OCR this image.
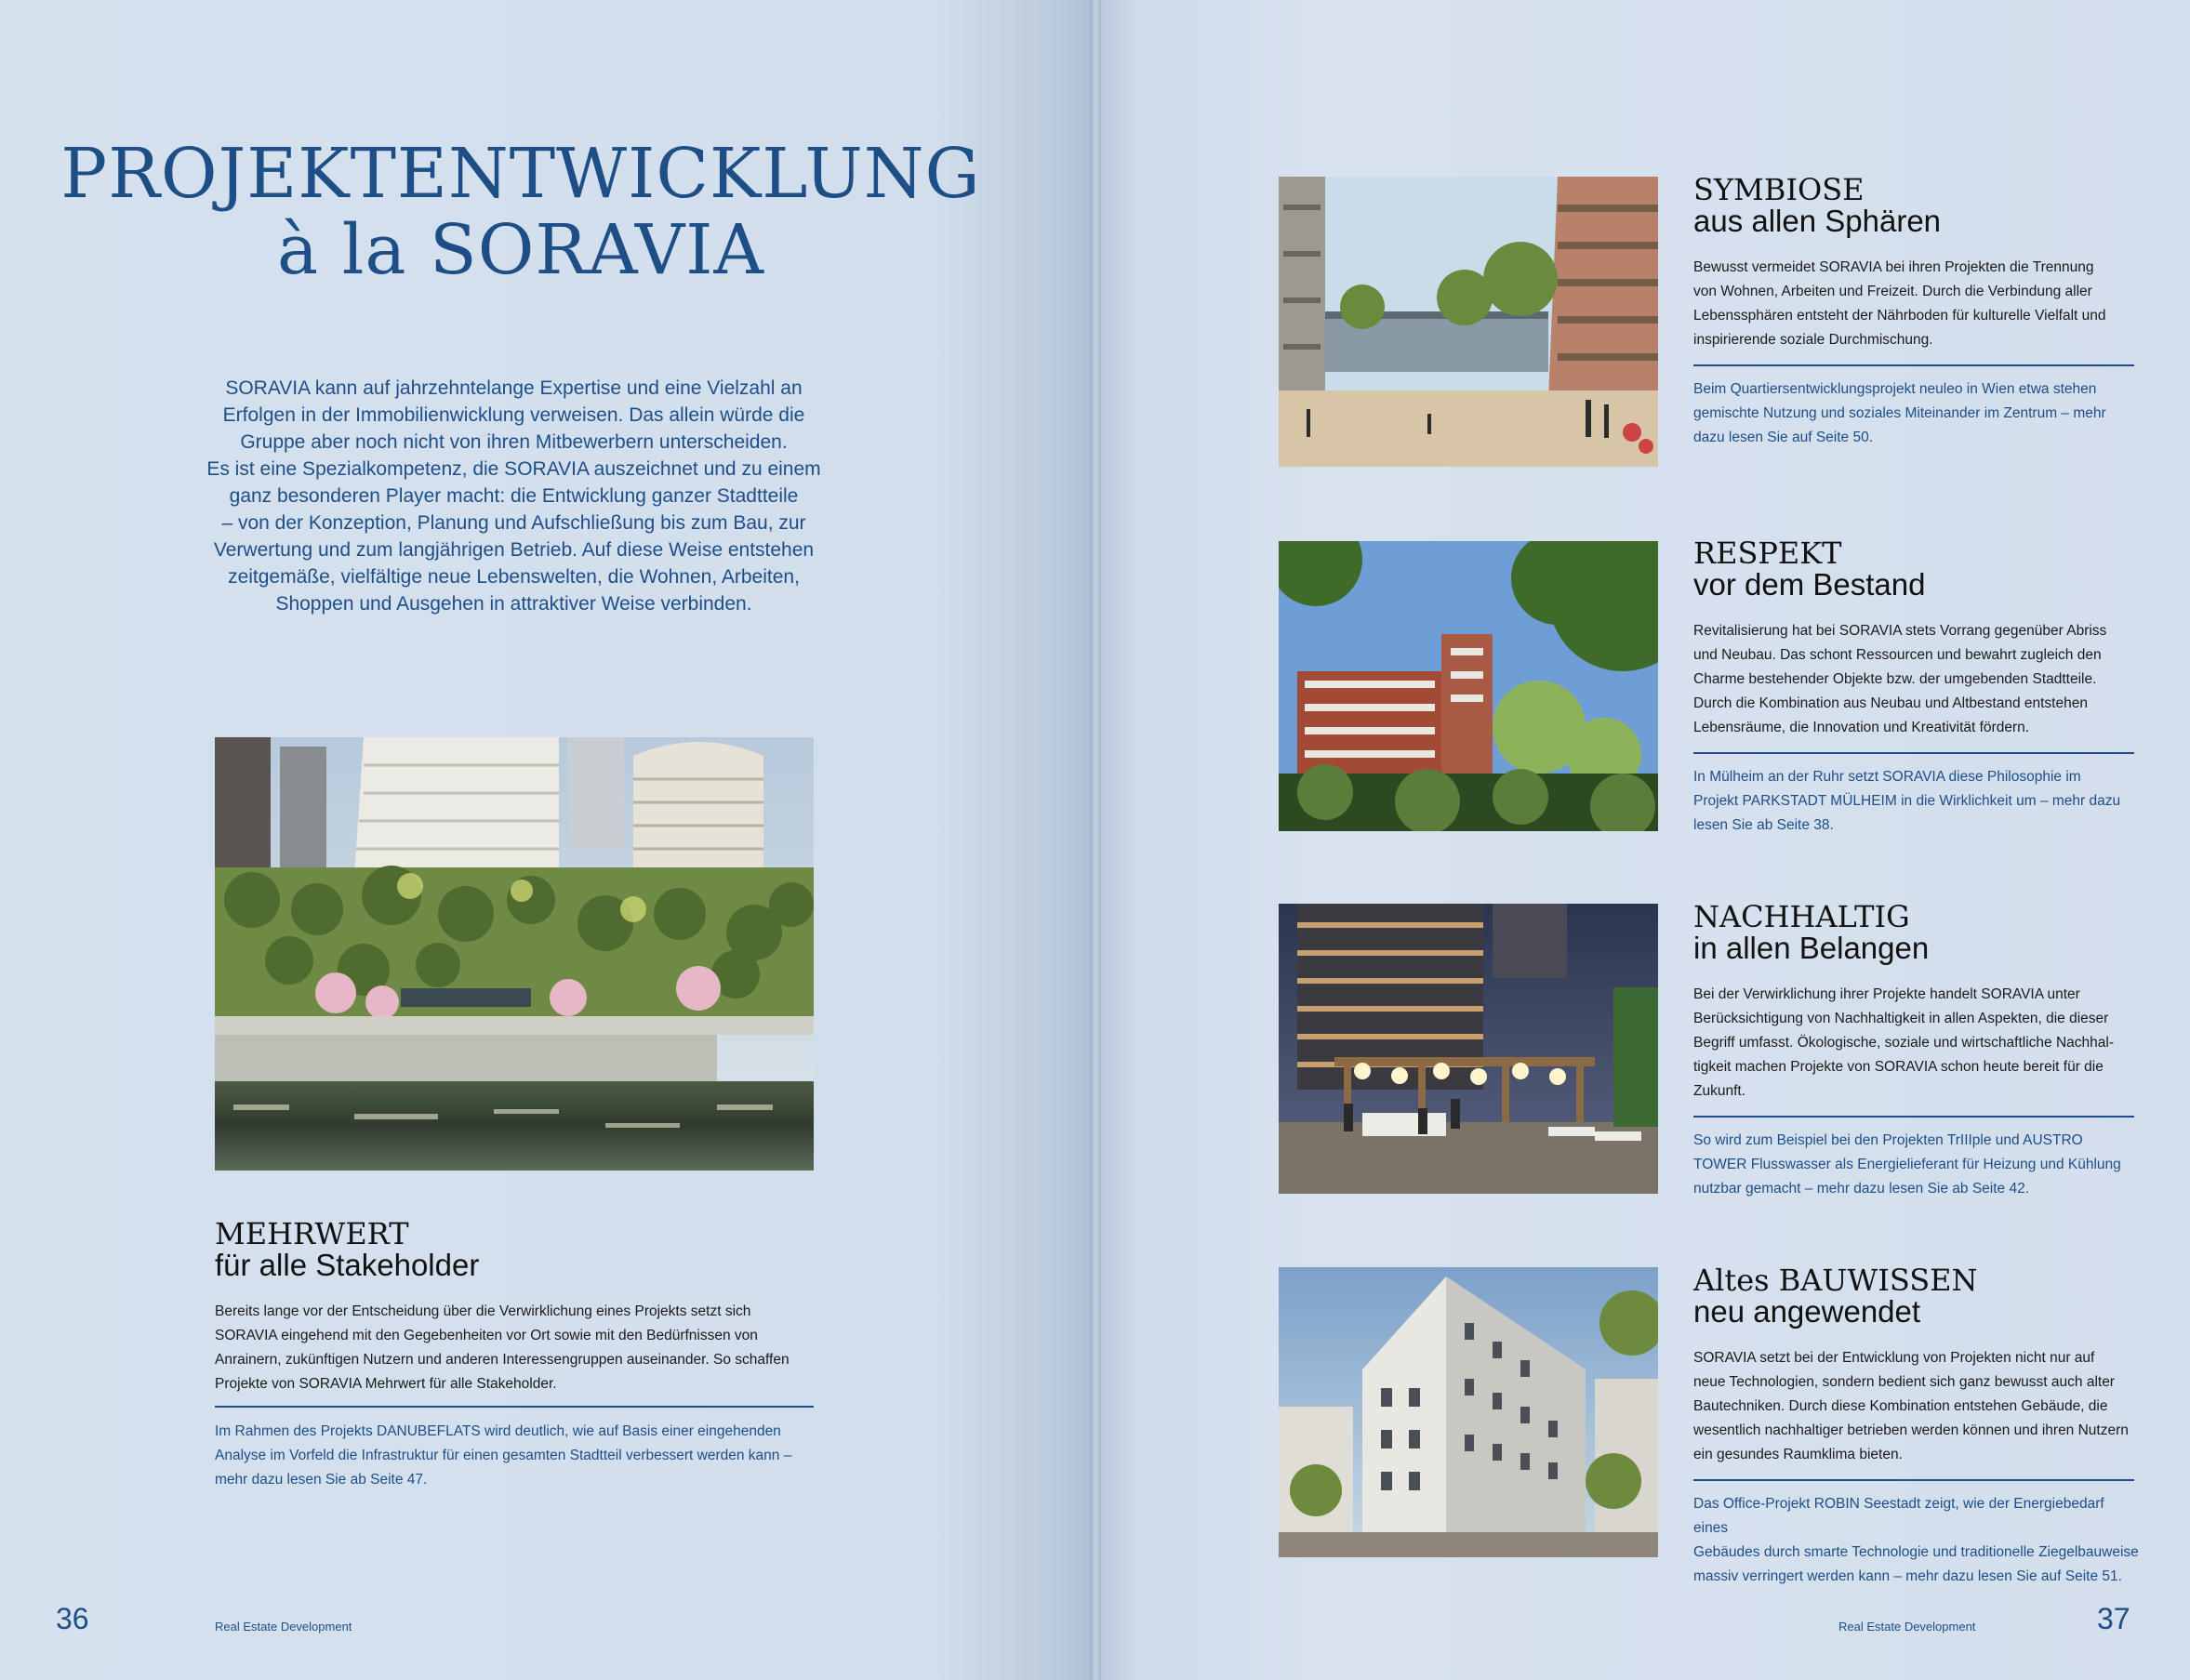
PROJEKTENTWICKLUNG
à la SORAVIA

SORAVIA kann auf jahrzehntelange Expertise und eine Vielzahl an

Erfolgen in der Immobilienwicklung verweisen. Das allein würde die

Gruppe aber noch nicht von ihren Mitbewerbern unterscheiden.

Es ist eine Spezialkompetenz, die SORAVIA auszeichnet und zu einem

ganz besonderen Player macht: die Entwicklung ganzer Stadtteile

– von der Konzeption, Planung und Aufschließung bis zum Bau, zur

Verwertung und zum langjährigen Betrieb. Auf diese Weise entstehen

zeitgemäße, vielfältige neue Lebenswelten, die Wohnen, Arbeiten,

Shoppen und Ausgehen in attraktiver Weise verbinden.

MEHRWERT
für alle Stakeholder
Bereits lange vor der Entscheidung über die Verwirklichung eines Projekts setzt sich
SORAVIA eingehend mit den Gegebenheiten vor Ort sowie mit den Bedürfnissen von
Anrainern, zukünftigen Nutzern und anderen Interessengruppen auseinander. So schaffen
Projekte von SORAVIA Mehrwert für alle Stakeholder.
Im Rahmen des Projekts DANUBEFLATS wird deutlich, wie auf Basis einer eingehenden
Analyse im Vorfeld die Infrastruktur für einen gesamten Stadtteil verbessert werden kann –
mehr dazu lesen Sie ab Seite 47.
36	Real Estate Development
SYMBIOSE
aus allen Sphären
Bewusst vermeidet SORAVIA bei ihren Projekten die Trennung
von Wohnen, Arbeiten und Freizeit. Durch die Verbindung aller
Lebenssphären entsteht der Nährboden für kulturelle Vielfalt und
inspirierende soziale Durchmischung.
Beim Quartiersentwicklungsprojekt neuleo in Wien etwa stehen
gemischte Nutzung und soziales Miteinander im Zentrum – mehr
dazu lesen Sie auf Seite 50.
RESPEKT
vor dem Bestand
Revitalisierung hat bei SORAVIA stets Vorrang gegenüber Abriss
und Neubau. Das schont Ressourcen und bewahrt zugleich den
Charme bestehender Objekte bzw. der umgebenden Stadtteile.
Durch die Kombination aus Neubau und Altbestand entstehen
Lebensräume, die Innovation und Kreativität fördern.
In Mülheim an der Ruhr setzt SORAVIA diese Philosophie im
Projekt PARKSTADT MÜLHEIM in die Wirklichkeit um – mehr dazu
lesen Sie ab Seite 38.
NACHHALTIG
in allen Belangen
Bei der Verwirklichung ihrer Projekte handelt SORAVIA unter
Berücksichtigung von Nachhaltigkeit in allen Aspekten, die dieser
Begriff umfasst. Ökologische, soziale und wirtschaftliche Nachhal-
tigkeit machen Projekte von SORAVIA schon heute bereit für die
Zukunft.
So wird zum Beispiel bei den Projekten TrIIIple und AUSTRO
TOWER Flusswasser als Energielieferant für Heizung und Kühlung
nutzbar gemacht – mehr dazu lesen Sie ab Seite 42.
Altes BAUWISSEN
neu angewendet
SORAVIA setzt bei der Entwicklung von Projekten nicht nur auf
neue Technologien, sondern bedient sich ganz bewusst auch alter
Bautechniken. Durch diese Kombination entstehen Gebäude, die
wesentlich nachhaltiger betrieben werden können und ihren Nutzern
ein gesundes Raumklima bieten.
Das Office-Projekt ROBIN Seestadt zeigt, wie der Energiebedarf eines
Gebäudes durch smarte Technologie und traditionelle Ziegelbauweise
massiv verringert werden kann – mehr dazu lesen Sie auf Seite 51.
Real Estate Development	37
